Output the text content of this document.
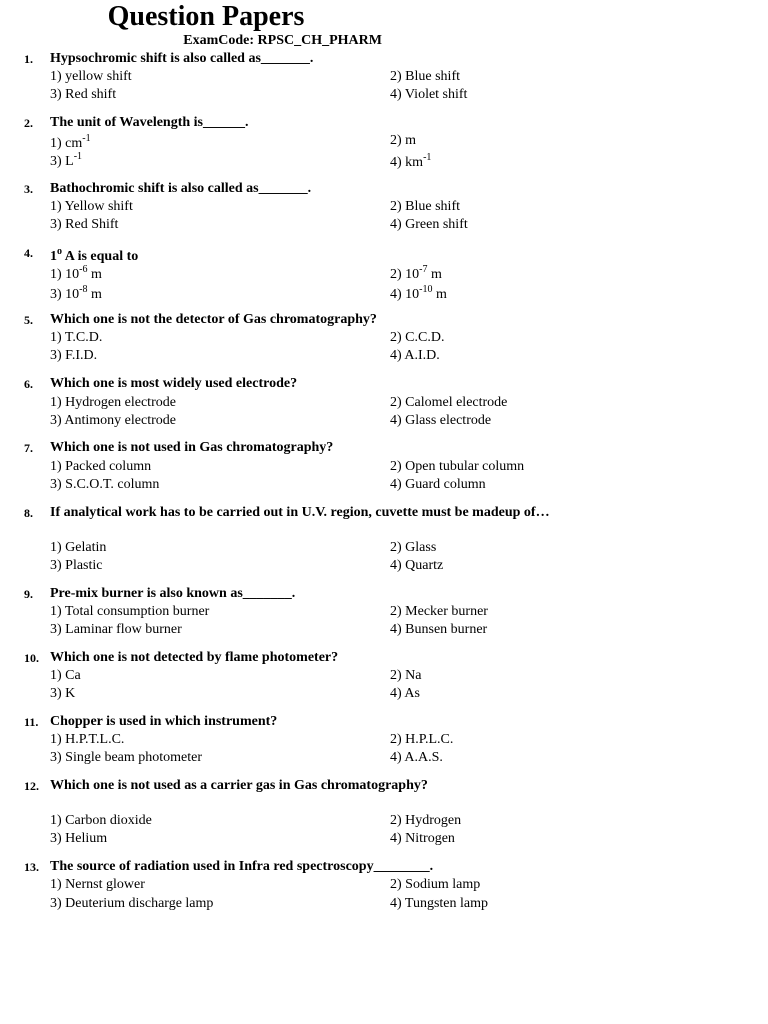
Question Papers
ExamCode: RPSC_CH_PHARM
1. Hypsochromic shift is also called as_______.
1) yellow shift	2) Blue shift
3) Red shift	4) Violet shift
2. The unit of Wavelength is______.
1) $cm^{-1}$	2) m
3) $L^{-1}$	4) $km^{-1}$
3. Bathochromic shift is also called as_______.
1) Yellow shift	2) Blue shift
3) Red Shift	4) Green shift
4. 1$^o$ A is equal to
1) $10^{-6}$ m	2) $10^{-7}$ m
3) $10^{-8}$ m	4) $10^{-10}$ m
5. Which one is not the detector of Gas chromatography?
1) T.C.D.	2) C.C.D.
3) F.I.D.	4) A.I.D.
6. Which one is most widely used electrode?
1) Hydrogen electrode	2) Calomel electrode
3) Antimony electrode	4) Glass electrode
7. Which one is not used in Gas chromatography?
1) Packed column	2) Open tubular column
3) S.C.O.T. column	4) Guard column
8. If analytical work has to be carried out in U.V. region, cuvette must be madeup of…
1) Gelatin	2) Glass
3) Plastic	4) Quartz
9. Pre-mix burner is also known as_______.
1) Total consumption burner	2) Mecker burner
3) Laminar flow burner	4) Bunsen burner
10. Which one is not detected by flame photometer?
1) Ca	2) Na
3) K	4) As
11. Chopper is used in which instrument?
1) H.P.T.L.C.	2) H.P.L.C.
3) Single beam photometer	4) A.A.S.
12. Which one is not used as a carrier gas in Gas chromatography?
1) Carbon dioxide	2) Hydrogen
3) Helium	4) Nitrogen
13. The source of radiation used in Infra red spectroscopy________.
1) Nernst glower	2) Sodium lamp
3) Deuterium discharge lamp	4) Tungsten lamp
